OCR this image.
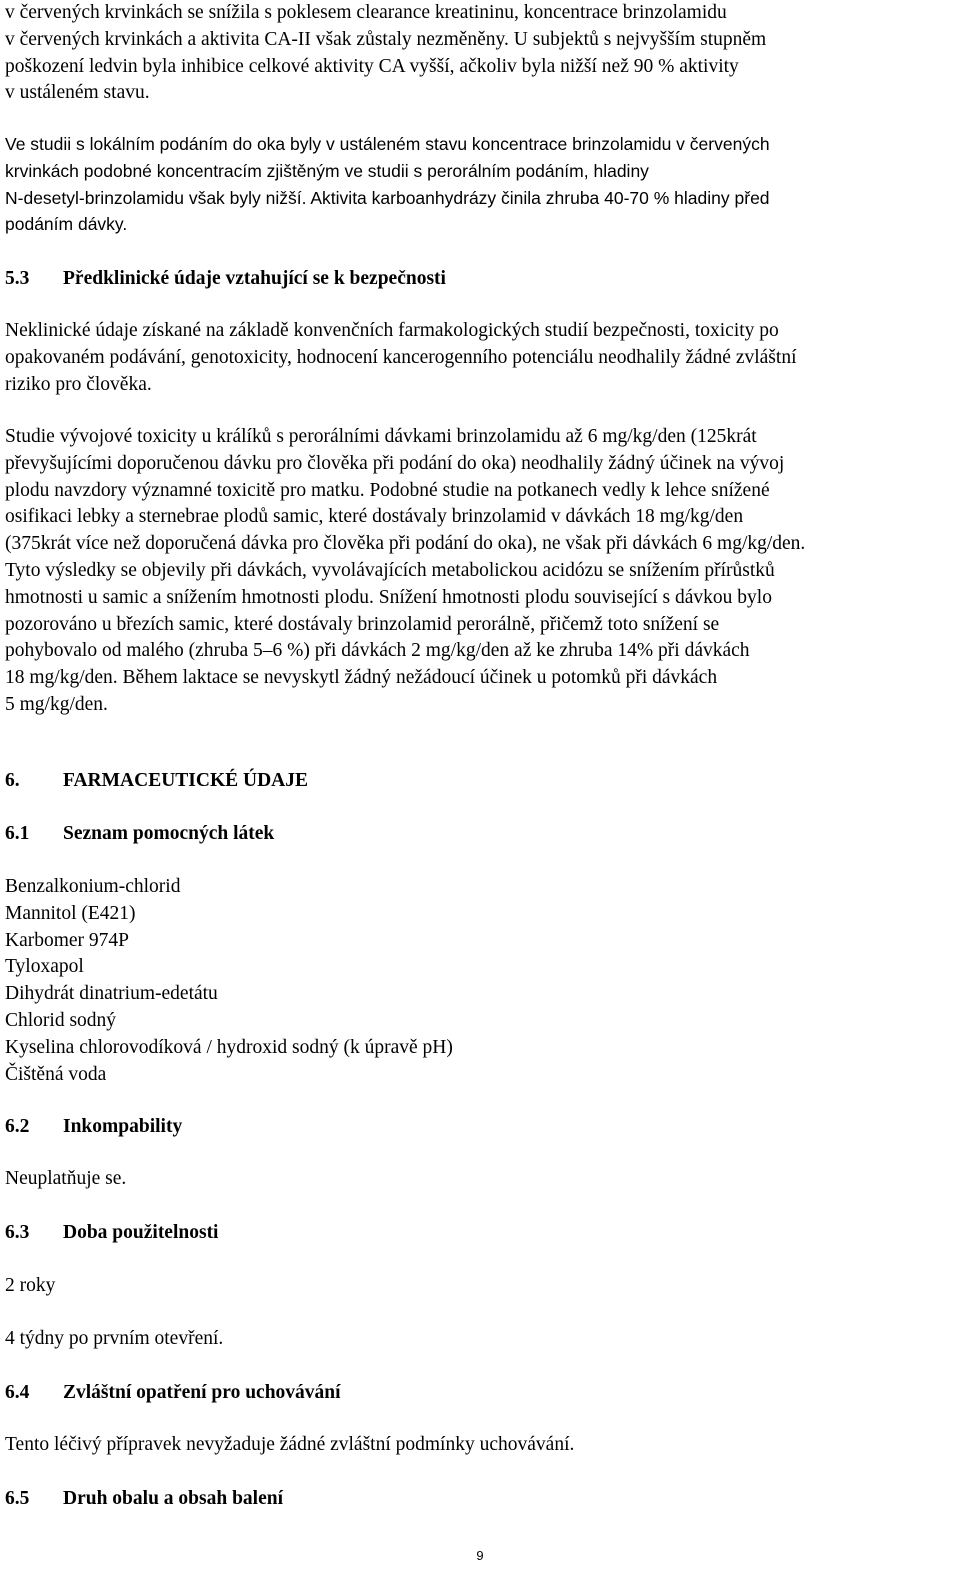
v červených krvinkách se snížila s poklesem clearance kreatininu, koncentrace brinzolamidu
v červených krvinkách a aktivita CA-II však zůstaly nezměněny. U subjektů s nejvyšším stupněm
poškození ledvin byla inhibice celkové aktivity CA vyšší, ačkoliv byla nižší než 90 % aktivity
v ustáleném stavu.
Ve studii s lokálním podáním do oka byly v ustáleném stavu koncentrace brinzolamidu v červených
krvinkách podobné koncentracím zjištěným ve studii s perorálním podáním, hladiny
N-desetyl-brinzolamidu však byly nižší. Aktivita karboanhydrázy činila zhruba 40-70 % hladiny před
podáním dávky.
5.3 Předklinické údaje vztahující se k bezpečnosti
Neklinické údaje získané na základě konvenčních farmakologických studií bezpečnosti, toxicity po
opakovaném podávání, genotoxicity, hodnocení kancerogenního potenciálu neodhalily žádné zvláštní
riziko pro člověka.
Studie vývojové toxicity u králíků s perorálními dávkami brinzolamidu až 6 mg/kg/den (125krát
převyšujícími doporučenou dávku pro člověka při podání do oka) neodhalily žádný účinek na vývoj
plodu navzdory významné toxicitě pro matku. Podobné studie na potkanech vedly k lehce snížené
osifikaci lebky a sternebrae plodů samic, které dostávaly brinzolamid v dávkách 18 mg/kg/den
(375krát více než doporučená dávka pro člověka při podání do oka), ne však při dávkách 6 mg/kg/den.
Tyto výsledky se objevily při dávkách, vyvolávajících metabolickou acidózu se snížením přírůstků
hmotnosti u samic a snížením hmotnosti plodu. Snížení hmotnosti plodu související s dávkou bylo
pozorováno u březích samic, které dostávaly brinzolamid perorálně, přičemž toto snížení se
pohybovalo od malého (zhruba 5–6 %) při dávkách 2 mg/kg/den až ke zhruba 14% při dávkách
18 mg/kg/den. Během laktace se nevyskytl žádný nežádoucí účinek u potomků při dávkách
5 mg/kg/den.
6. FARMACEUTICKÉ ÚDAJE
6.1 Seznam pomocných látek
Benzalkonium-chlorid
Mannitol (E421)
Karbomer 974P
Tyloxapol
Dihydrát dinatrium-edetátu
Chlorid sodný
Kyselina chlorovodíková / hydroxid sodný (k úpravě pH)
Čištěná voda
6.2 Inkompability
Neuplatňuje se.
6.3 Doba použitelnosti
2 roky
4 týdny po prvním otevření.
6.4 Zvláštní opatření pro uchovávání
Tento léčivý přípravek nevyžaduje žádné zvláštní podmínky uchovávání.
6.5 Druh obalu a obsah balení
9
